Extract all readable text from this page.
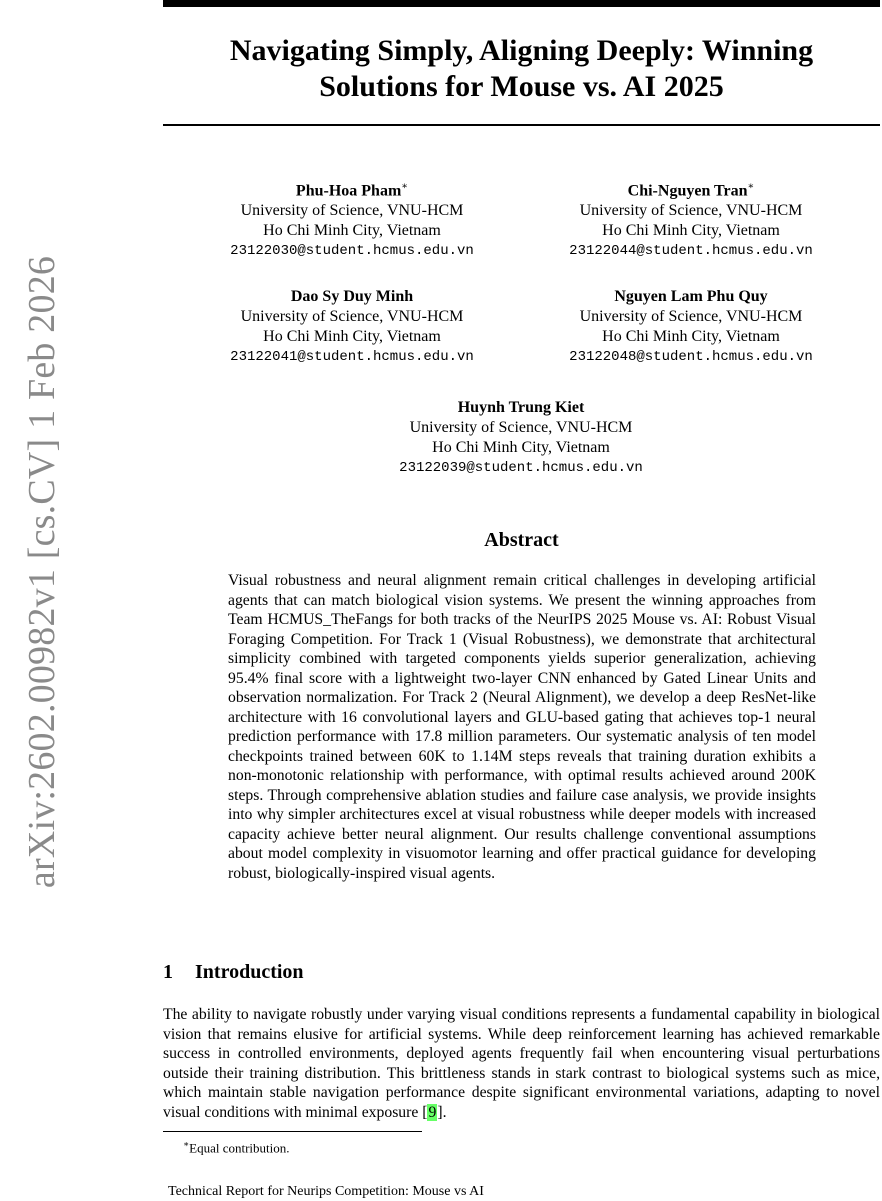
arXiv:2602.00982v1 [cs.CV] 1 Feb 2026
Navigating Simply, Aligning Deeply: Winning
Solutions for Mouse vs. AI 2025
Phu-Hoa Pham∗
University of Science, VNU-HCM
Ho Chi Minh City, Vietnam
23122030@student.hcmus.edu.vn
Chi-Nguyen Tran∗
University of Science, VNU-HCM
Ho Chi Minh City, Vietnam
23122044@student.hcmus.edu.vn
Dao Sy Duy Minh
University of Science, VNU-HCM
Ho Chi Minh City, Vietnam
23122041@student.hcmus.edu.vn
Nguyen Lam Phu Quy
University of Science, VNU-HCM
Ho Chi Minh City, Vietnam
23122048@student.hcmus.edu.vn
Huynh Trung Kiet
University of Science, VNU-HCM
Ho Chi Minh City, Vietnam
23122039@student.hcmus.edu.vn
Abstract

Visual robustness and neural alignment remain critical challenges in developing artificial agents that can match biological vision systems. We present the winning approaches from Team HCMUS_TheFangs for both tracks of the NeurIPS 2025 Mouse vs. AI: Robust Visual Foraging Competition. For Track 1 (Visual Robustness), we demonstrate that architectural simplicity combined with targeted components yields superior generalization, achieving 95.4% final score with a lightweight two-layer CNN enhanced by Gated Linear Units and observation normalization. For Track 2 (Neural Alignment), we develop a deep ResNet-like architecture with 16 convolutional layers and GLU-based gating that achieves top-1 neural prediction performance with 17.8 million parameters. Our systematic analysis of ten model checkpoints trained between 60K to 1.14M steps reveals that training duration exhibits a non-monotonic relationship with performance, with optimal results achieved around 200K steps. Through comprehensive ablation studies and failure case analysis, we provide insights into why simpler architectures excel at visual robustness while deeper models with increased capacity achieve better neural alignment. Our results challenge conventional assumptions about model complexity in visuomotor learning and offer practical guidance for developing robust, biologically-inspired visual agents.

1 Introduction

The ability to navigate robustly under varying visual conditions represents a fundamental capability in biological vision that remains elusive for artificial systems. While deep reinforcement learning has achieved remarkable success in controlled environments, deployed agents frequently fail when encountering visual perturbations outside their training distribution. This brittleness stands in stark contrast to biological systems such as mice, which maintain stable navigation performance despite significant environmental variations, adapting to novel visual conditions with minimal exposure [9].

∗Equal contribution.
Technical Report for Neurips Competition: Mouse vs AI
